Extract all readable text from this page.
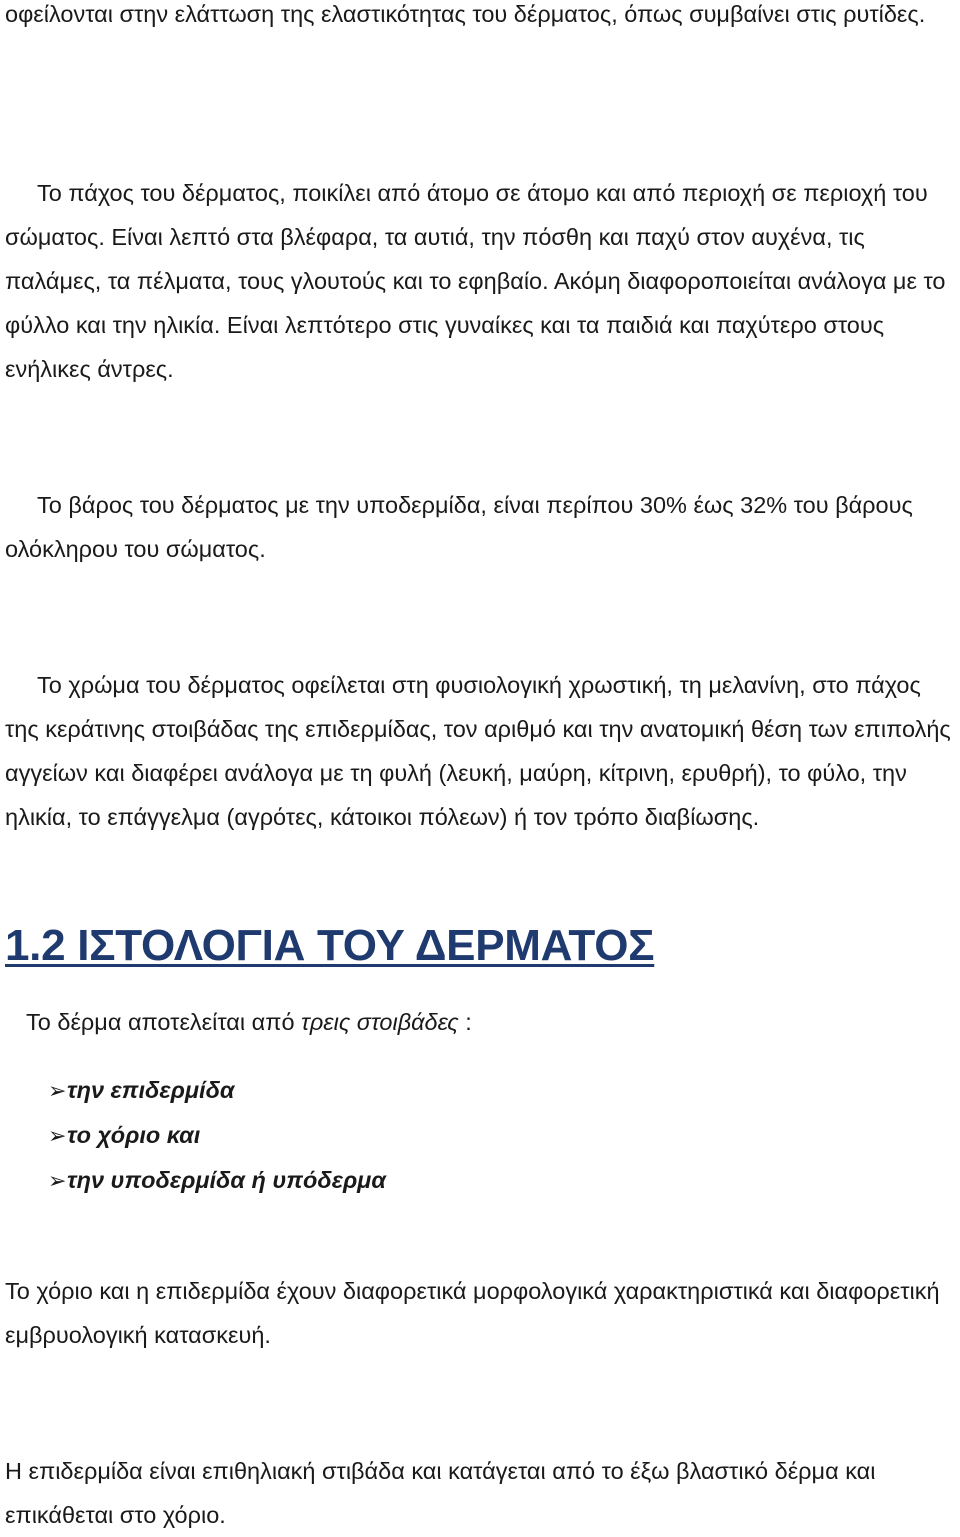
οφείλονται στην ελάττωση της ελαστικότητας του δέρματος, όπως συμβαίνει στις ρυτίδες.

Το πάχος του δέρματος, ποικίλει από άτομο σε άτομο και από περιοχή σε περιοχή του σώματος. Είναι λεπτό στα βλέφαρα, τα αυτιά, την πόσθη και παχύ στον αυχένα, τις παλάμες, τα πέλματα, τους γλουτούς και το εφηβαίο. Ακόμη διαφοροποιείται ανάλογα με το φύλλο και την ηλικία. Είναι λεπτότερο στις γυναίκες και τα παιδιά και παχύτερο στους ενήλικες άντρες.

Το βάρος του δέρματος με την υποδερμίδα, είναι περίπου 30% έως 32% του βάρους ολόκληρου του σώματος.

Το χρώμα του δέρματος οφείλεται στη φυσιολογική χρωστική, τη μελανίνη, στο πάχος της κεράτινης στοιβάδας της επιδερμίδας, τον αριθμό και την ανατομική θέση των επιπολής αγγείων και διαφέρει ανάλογα με τη φυλή (λευκή, μαύρη, κίτρινη, ερυθρή), το φύλο, την ηλικία, το επάγγελμα (αγρότες, κάτοικοι πόλεων) ή τον τρόπο διαβίωσης.

1.2 ΙΣΤΟΛΟΓΙΑ ΤΟΥ ΔΕΡΜΑΤΟΣ

Το δέρμα αποτελείται από τρεις στοιβάδες :

➢την επιδερμίδα
➢το χόριο και
➢την υποδερμίδα ή υπόδερμα

Το χόριο και η επιδερμίδα έχουν διαφορετικά μορφολογικά χαρακτηριστικά και διαφορετική εμβρυολογική κατασκευή.

Η επιδερμίδα είναι επιθηλιακή στιβάδα και κατάγεται από το έξω βλαστικό δέρμα και επικάθεται στο χόριο.
